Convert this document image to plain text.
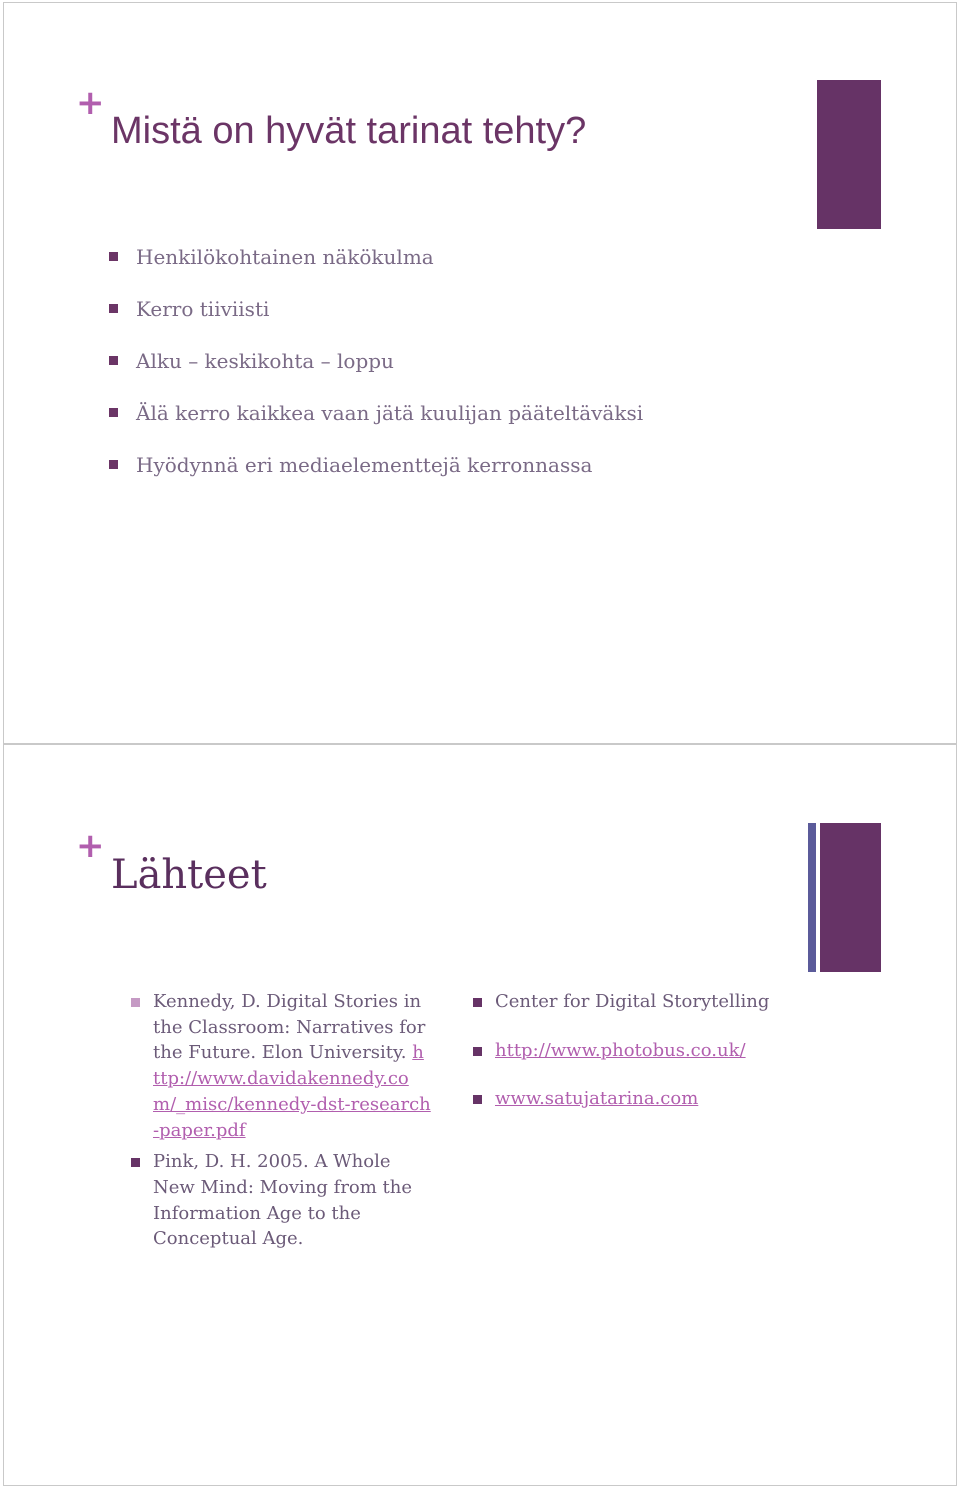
+
Mistä on hyvät tarinat tehty?
Henkilökohtainen näkökulma
Kerro tiiviisti
Alku – keskikohta – loppu
Älä kerro kaikkea vaan jätä kuulijan pääteltäväksi
Hyödynnä eri mediaelementtejä kerronnassa
+
Lähteet
Kennedy, D. Digital Stories in the Classroom: Narratives for the Future. Elon University. http://www.davidakennedy.com/_misc/kennedy-dst-research-paper.pdf
Pink, D. H. 2005. A Whole New Mind: Moving from the Information Age to the Conceptual Age.
Center for Digital Storytelling
http://www.photobus.co.uk/
www.satujatarina.com
